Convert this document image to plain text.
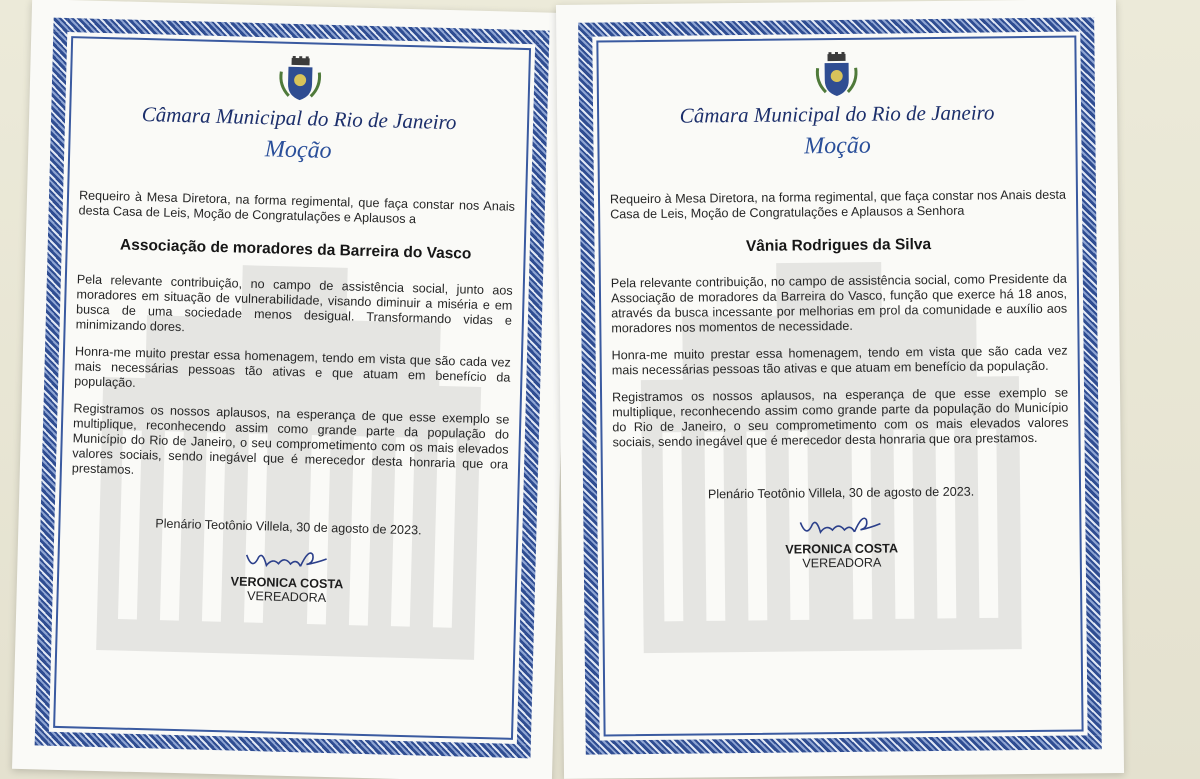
Câmara Municipal do Rio de Janeiro
Moção

Requeiro à Mesa Diretora, na forma regimental, que faça constar nos Anais desta Casa de Leis, Moção de Congratulações e Aplausos a

Associação de moradores da Barreira do Vasco

Pela relevante contribuição, no campo de assistência social, junto aos moradores em situação de vulnerabilidade, visando diminuir a miséria e em busca de uma sociedade menos desigual. Transformando vidas e minimizando dores.

Honra-me muito prestar essa homenagem, tendo em vista que são cada vez mais necessárias pessoas tão ativas e que atuam em benefício da população.

Registramos os nossos aplausos, na esperança de que esse exemplo se multiplique, reconhecendo assim como grande parte da população do Município do Rio de Janeiro, o seu comprometimento com os mais elevados valores sociais, sendo inegável que é merecedor desta honraria que ora prestamos.

Plenário Teotônio Villela, 30 de agosto de 2023.
VERONICA COSTA
VEREADORA
Câmara Municipal do Rio de Janeiro
Moção

Requeiro à Mesa Diretora, na forma regimental, que faça constar nos Anais desta Casa de Leis, Moção de Congratulações e Aplausos a Senhora

Vânia Rodrigues da Silva

Pela relevante contribuição, no campo de assistência social, como Presidente da Associação de moradores da Barreira do Vasco, função que exerce há 18 anos, através da busca incessante por melhorias em prol da comunidade e auxílio aos moradores nos momentos de necessidade.

Honra-me muito prestar essa homenagem, tendo em vista que são cada vez mais necessárias pessoas tão ativas e que atuam em benefício da população.

Registramos os nossos aplausos, na esperança de que esse exemplo se multiplique, reconhecendo assim como grande parte da população do Município do Rio de Janeiro, o seu comprometimento com os mais elevados valores sociais, sendo inegável que é merecedor desta honraria que ora prestamos.

Plenário Teotônio Villela, 30 de agosto de 2023.
VERONICA COSTA
VEREADORA
